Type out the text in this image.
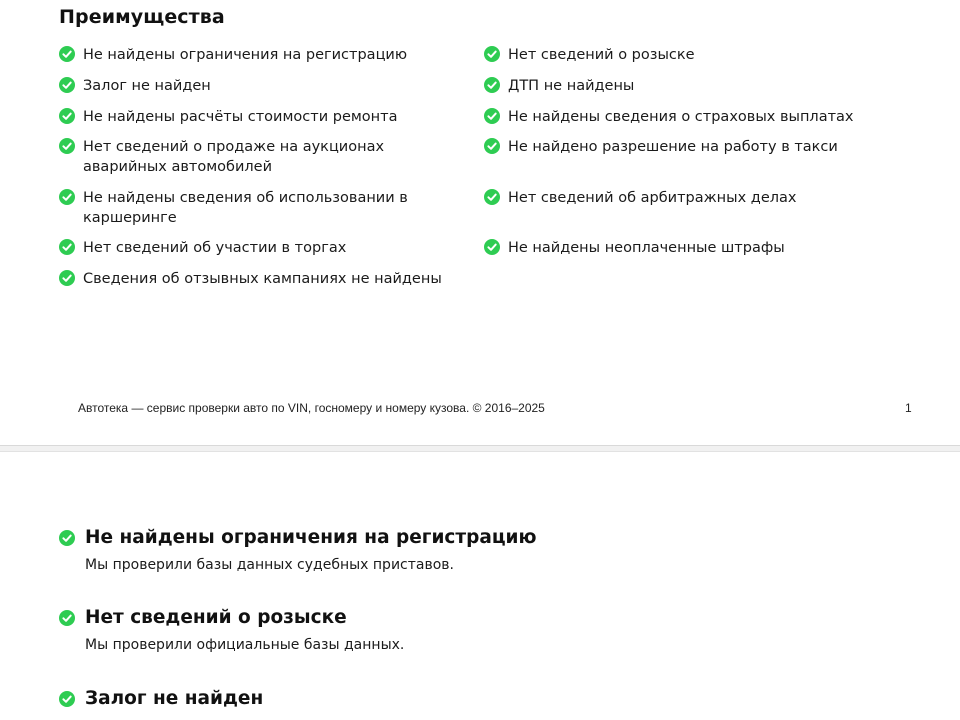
Преимущества
Не найдены ограничения на регистрацию
Залог не найден
Не найдены расчёты стоимости ремонта
Нет сведений о продаже на аукционах аварийных автомобилей
Не найдены сведения об использовании в каршеринге
Нет сведений об участии в торгах
Сведения об отзывных кампаниях не найдены
Нет сведений о розыске
ДТП не найдены
Не найдены сведения о страховых выплатах
Не найдено разрешение на работу в такси
Нет сведений об арбитражных делах
Не найдены неоплаченные штрафы
Автотека — сервис проверки авто по VIN, госномеру и номеру кузова. © 2016–2025	1
Не найдены ограничения на регистрацию
Мы проверили базы данных судебных приставов.
Нет сведений о розыске
Мы проверили официальные базы данных.
Залог не найден
